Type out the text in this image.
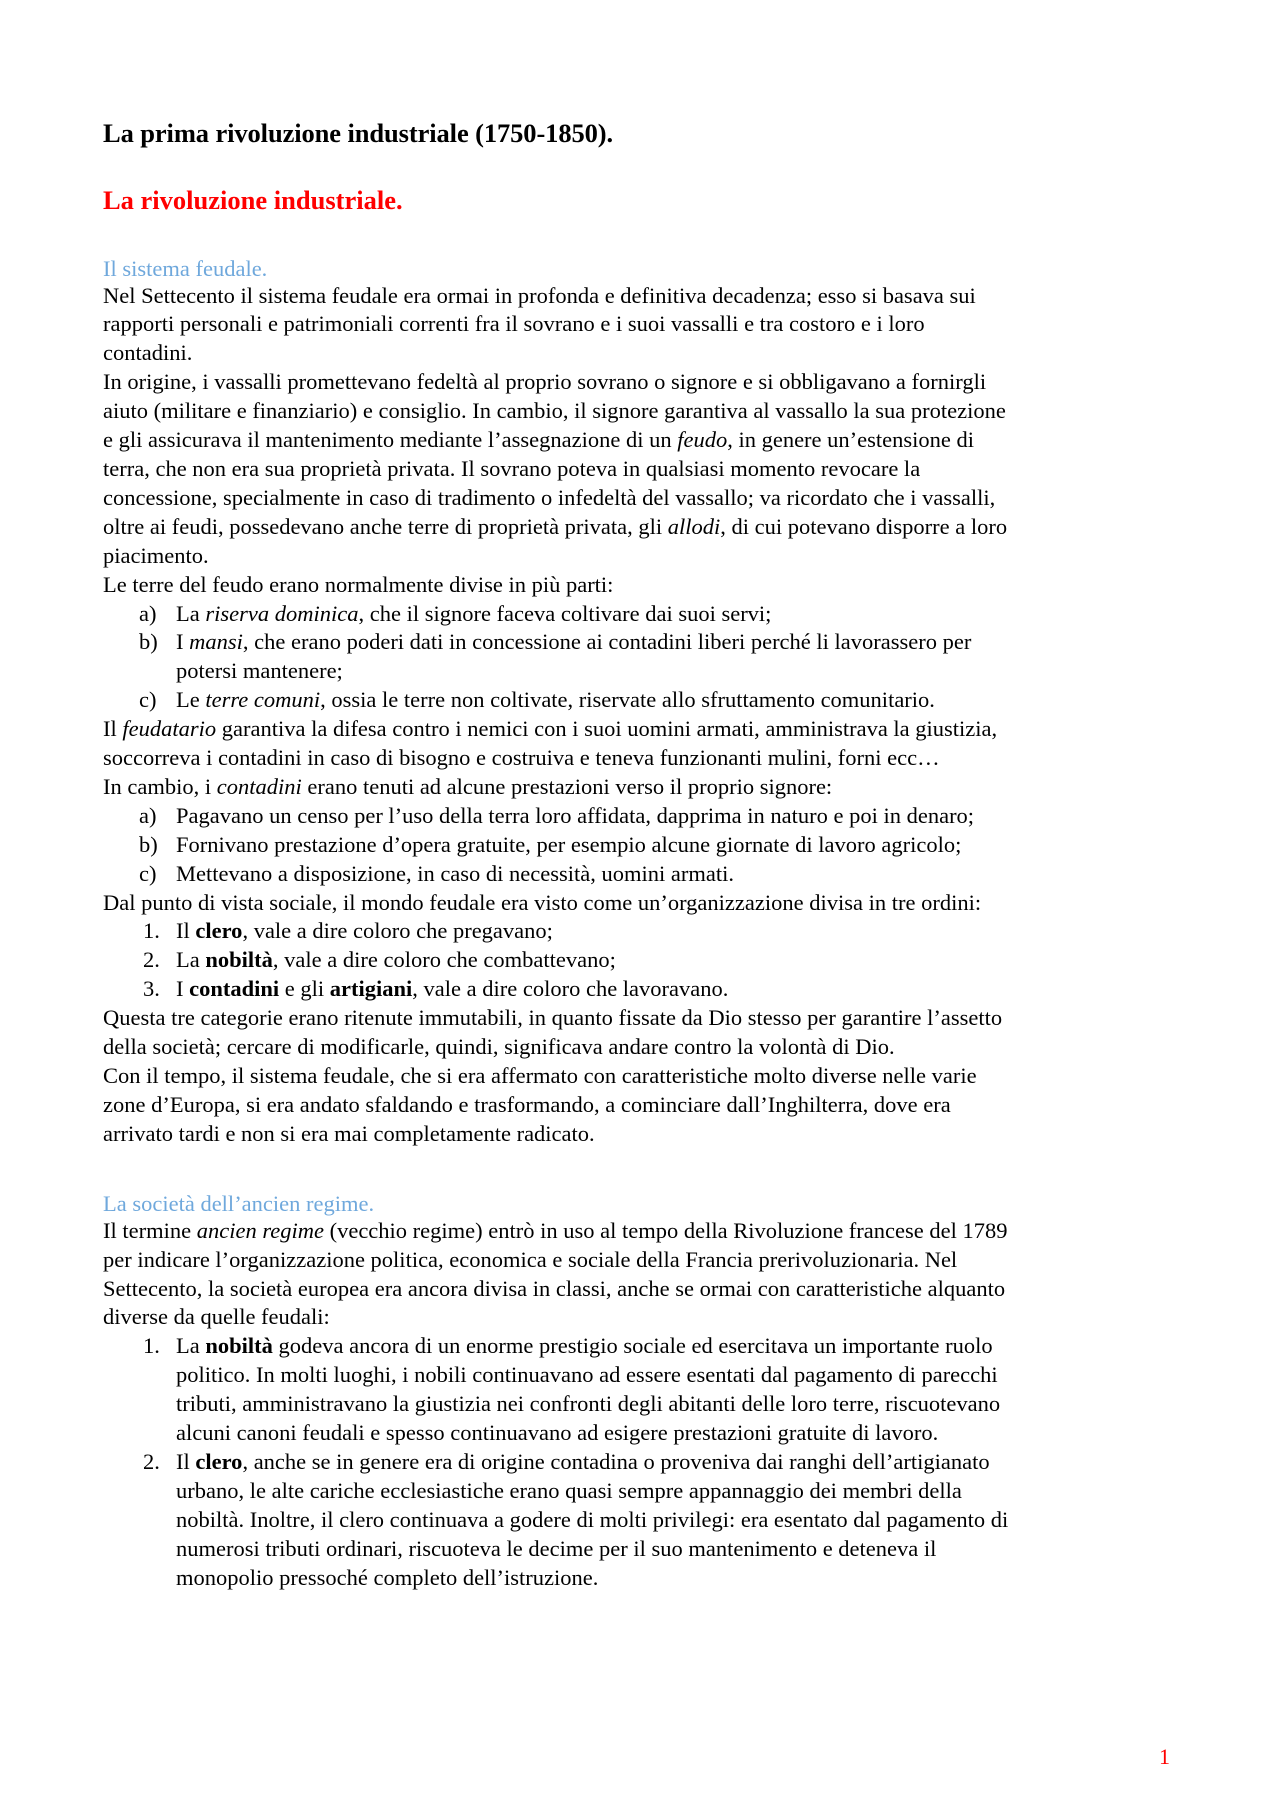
La prima rivoluzione industriale (1750-1850).
La rivoluzione industriale.
Il sistema feudale.

Nel Settecento il sistema feudale era ormai in profonda e definitiva decadenza; esso si basava sui rapporti personali e patrimoniali correnti fra il sovrano e i suoi vassalli e tra costoro e i loro contadini.

In origine, i vassalli promettevano fedeltà al proprio sovrano o signore e si obbligavano a fornirgli aiuto (militare e finanziario) e consiglio. In cambio, il signore garantiva al vassallo la sua protezione e gli assicurava il mantenimento mediante l’assegnazione di un feudo, in genere un’estensione di terra, che non era sua proprietà privata. Il sovrano poteva in qualsiasi momento revocare la concessione, specialmente in caso di tradimento o infedeltà del vassallo; va ricordato che i vassalli, oltre ai feudi, possedevano anche terre di proprietà privata, gli allodi, di cui potevano disporre a loro piacimento.

Le terre del feudo erano normalmente divise in più parti:

a) La riserva dominica, che il signore faceva coltivare dai suoi servi;
b) I mansi, che erano poderi dati in concessione ai contadini liberi perché li lavorassero per potersi mantenere;
c) Le terre comuni, ossia le terre non coltivate, riservate allo sfruttamento comunitario.

Il feudatario garantiva la difesa contro i nemici con i suoi uomini armati, amministrava la giustizia, soccorreva i contadini in caso di bisogno e costruiva e teneva funzionanti mulini, forni ecc…

In cambio, i contadini erano tenuti ad alcune prestazioni verso il proprio signore:

a) Pagavano un censo per l’uso della terra loro affidata, dapprima in naturo e poi in denaro;
b) Fornivano prestazione d’opera gratuite, per esempio alcune giornate di lavoro agricolo;
c) Mettevano a disposizione, in caso di necessità, uomini armati.

Dal punto di vista sociale, il mondo feudale era visto come un’organizzazione divisa in tre ordini:

1. Il clero, vale a dire coloro che pregavano;
2. La nobiltà, vale a dire coloro che combattevano;
3. I contadini e gli artigiani, vale a dire coloro che lavoravano.

Questa tre categorie erano ritenute immutabili, in quanto fissate da Dio stesso per garantire l’assetto della società; cercare di modificarle, quindi, significava andare contro la volontà di Dio.

Con il tempo, il sistema feudale, che si era affermato con caratteristiche molto diverse nelle varie zone d’Europa, si era andato sfaldando e trasformando, a cominciare dall’Inghilterra, dove era arrivato tardi e non si era mai completamente radicato.

La società dell’ancien regime.

Il termine ancien regime (vecchio regime) entrò in uso al tempo della Rivoluzione francese del 1789 per indicare l’organizzazione politica, economica e sociale della Francia prerivoluzionaria. Nel Settecento, la società europea era ancora divisa in classi, anche se ormai con caratteristiche alquanto diverse da quelle feudali:

1. La nobiltà godeva ancora di un enorme prestigio sociale ed esercitava un importante ruolo politico. In molti luoghi, i nobili continuavano ad essere esentati dal pagamento di parecchi tributi, amministravano la giustizia nei confronti degli abitanti delle loro terre, riscuotevano alcuni canoni feudali e spesso continuavano ad esigere prestazioni gratuite di lavoro.
2. Il clero, anche se in genere era di origine contadina o proveniva dai ranghi dell’artigianato urbano, le alte cariche ecclesiastiche erano quasi sempre appannaggio dei membri della nobiltà. Inoltre, il clero continuava a godere di molti privilegi: era esentato dal pagamento di numerosi tributi ordinari, riscuoteva le decime per il suo mantenimento e deteneva il monopolio pressoché completo dell’istruzione.
1
